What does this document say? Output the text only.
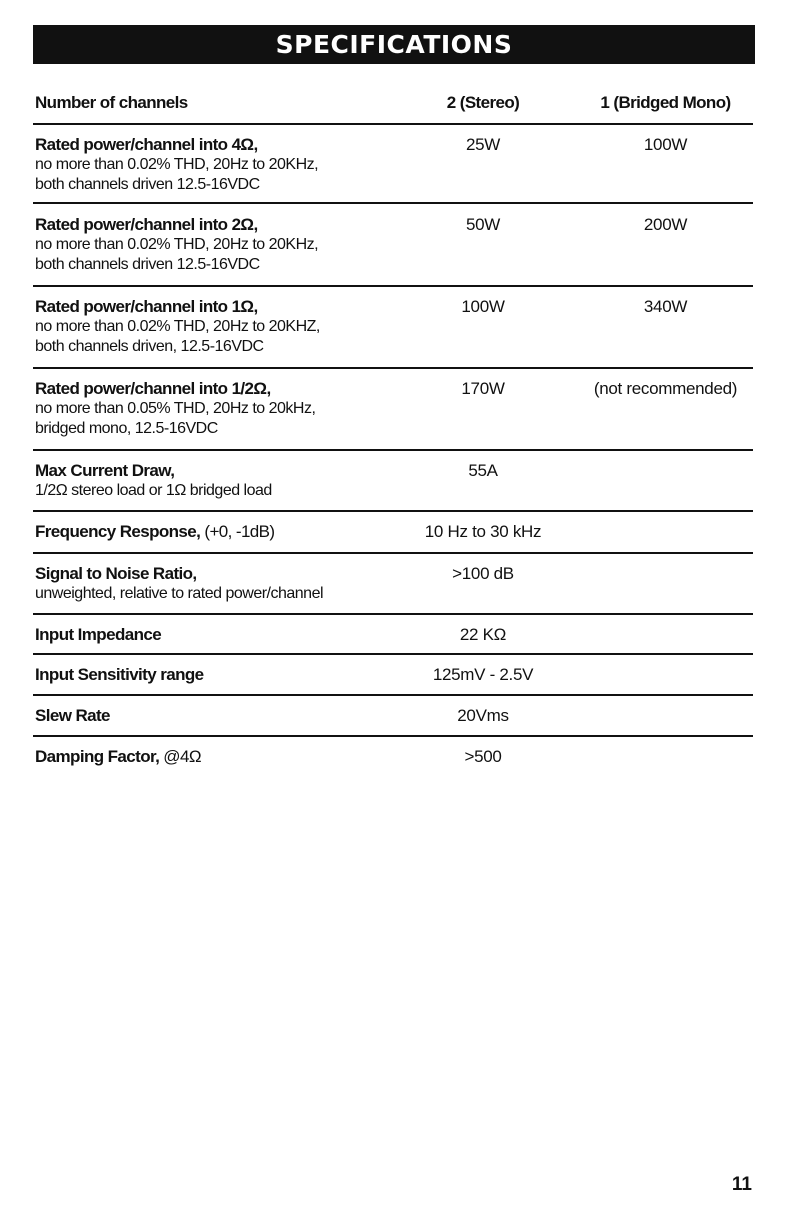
SPECIFICATIONS
Number of channels	2 (Stereo)	1 (Bridged Mono)
Rated power/channel into 4Ω,
no more than 0.02% THD, 20Hz to 20KHz,
both channels driven 12.5-16VDC
25W	100W
Rated power/channel into 2Ω,
no more than 0.02% THD, 20Hz to 20KHz,
both channels driven 12.5-16VDC
50W	200W
Rated power/channel into 1Ω,
no more than 0.02% THD, 20Hz to 20KHZ,
both channels driven, 12.5-16VDC
100W	340W
Rated power/channel into 1/2Ω,
no more than 0.05% THD, 20Hz to 20kHz,
bridged mono, 12.5-16VDC
170W	(not recommended)
Max Current Draw,
1/2Ω stereo load or 1Ω bridged load
55A
Frequency Response, (+0, -1dB)	10 Hz to 30 kHz
Signal to Noise Ratio,
unweighted, relative to rated power/channel
>100 dB
Input Impedance	22 KΩ
Input Sensitivity range	125mV - 2.5V
Slew Rate	20Vms
Damping Factor, @4Ω	>500
11
